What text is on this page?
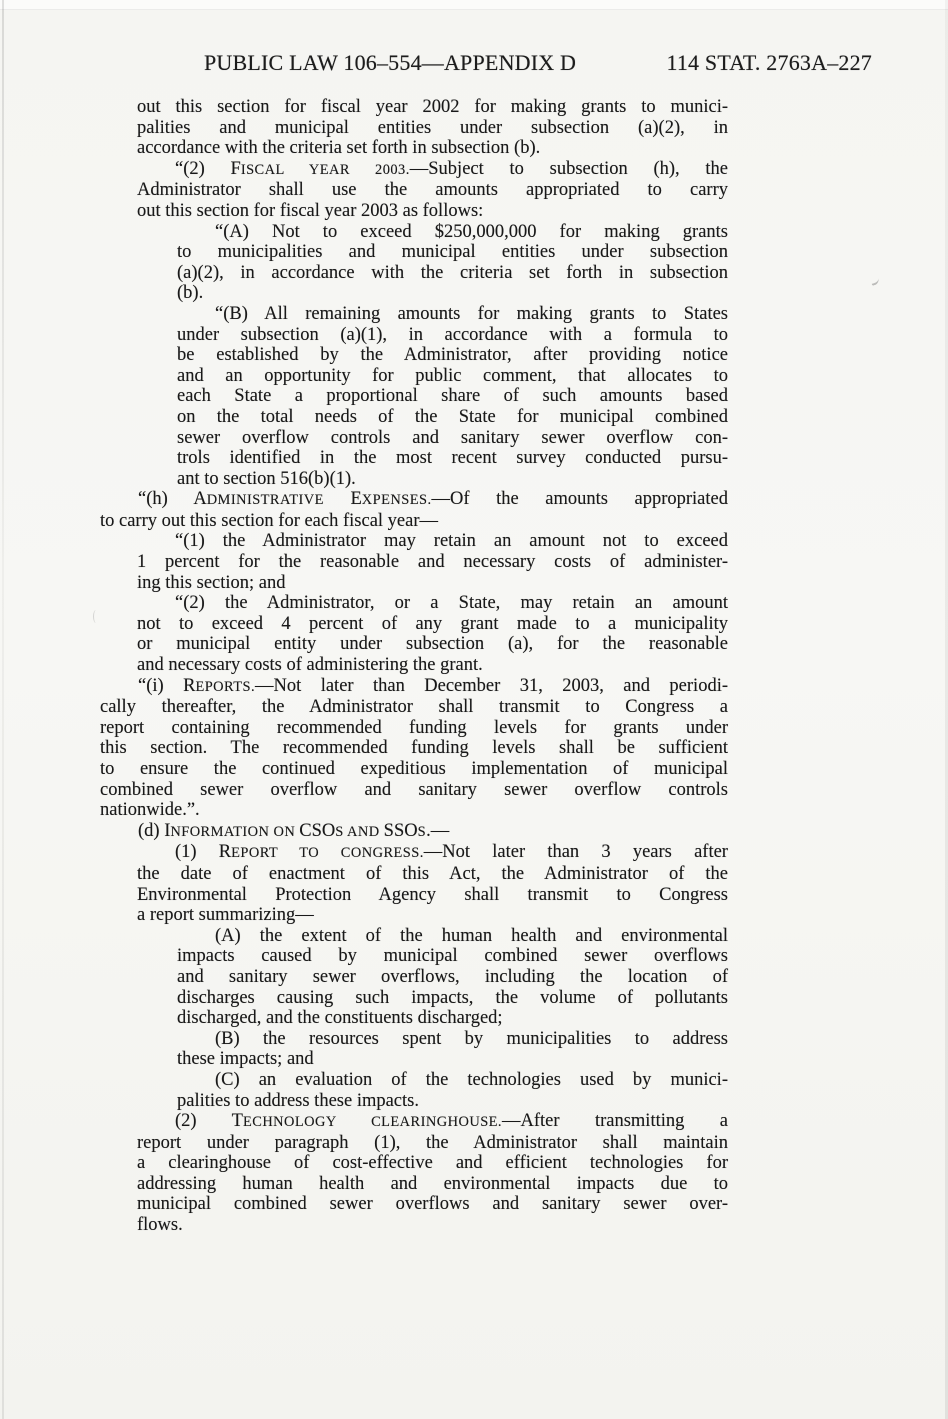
PUBLIC LAW 106–554—APPENDIX D	114 STAT. 2763A–227
out this section for fiscal year 2002 for making grants to munici-
palities and municipal entities under subsection (a)(2), in
accordance with the criteria set forth in subsection (b).
“(2) FISCAL YEAR 2003.—Subject to subsection (h), the
Administrator shall use the amounts appropriated to carry
out this section for fiscal year 2003 as follows:
“(A) Not to exceed $250,000,000 for making grants
to municipalities and municipal entities under subsection
(a)(2), in accordance with the criteria set forth in subsection
(b).
“(B) All remaining amounts for making grants to States
under subsection (a)(1), in accordance with a formula to
be established by the Administrator, after providing notice
and an opportunity for public comment, that allocates to
each State a proportional share of such amounts based
on the total needs of the State for municipal combined
sewer overflow controls and sanitary sewer overflow con-
trols identified in the most recent survey conducted pursu-
ant to section 516(b)(1).
“(h) ADMINISTRATIVE EXPENSES.—Of the amounts appropriated
to carry out this section for each fiscal year—
“(1) the Administrator may retain an amount not to exceed
1 percent for the reasonable and necessary costs of administer-
ing this section; and
“(2) the Administrator, or a State, may retain an amount
not to exceed 4 percent of any grant made to a municipality
or municipal entity under subsection (a), for the reasonable
and necessary costs of administering the grant.
“(i) REPORTS.—Not later than December 31, 2003, and periodi-
cally thereafter, the Administrator shall transmit to Congress a
report containing recommended funding levels for grants under
this section. The recommended funding levels shall be sufficient
to ensure the continued expeditious implementation of municipal
combined sewer overflow and sanitary sewer overflow controls
nationwide.”.
(d) INFORMATION ON CSOS AND SSOS.—
(1) REPORT TO CONGRESS.—Not later than 3 years after
the date of enactment of this Act, the Administrator of the
Environmental Protection Agency shall transmit to Congress
a report summarizing—
(A) the extent of the human health and environmental
impacts caused by municipal combined sewer overflows
and sanitary sewer overflows, including the location of
discharges causing such impacts, the volume of pollutants
discharged, and the constituents discharged;
(B) the resources spent by municipalities to address
these impacts; and
(C) an evaluation of the technologies used by munici-
palities to address these impacts.
(2) TECHNOLOGY CLEARINGHOUSE.—After transmitting a
report under paragraph (1), the Administrator shall maintain
a clearinghouse of cost-effective and efficient technologies for
addressing human health and environmental impacts due to
municipal combined sewer overflows and sanitary sewer over-
flows.
